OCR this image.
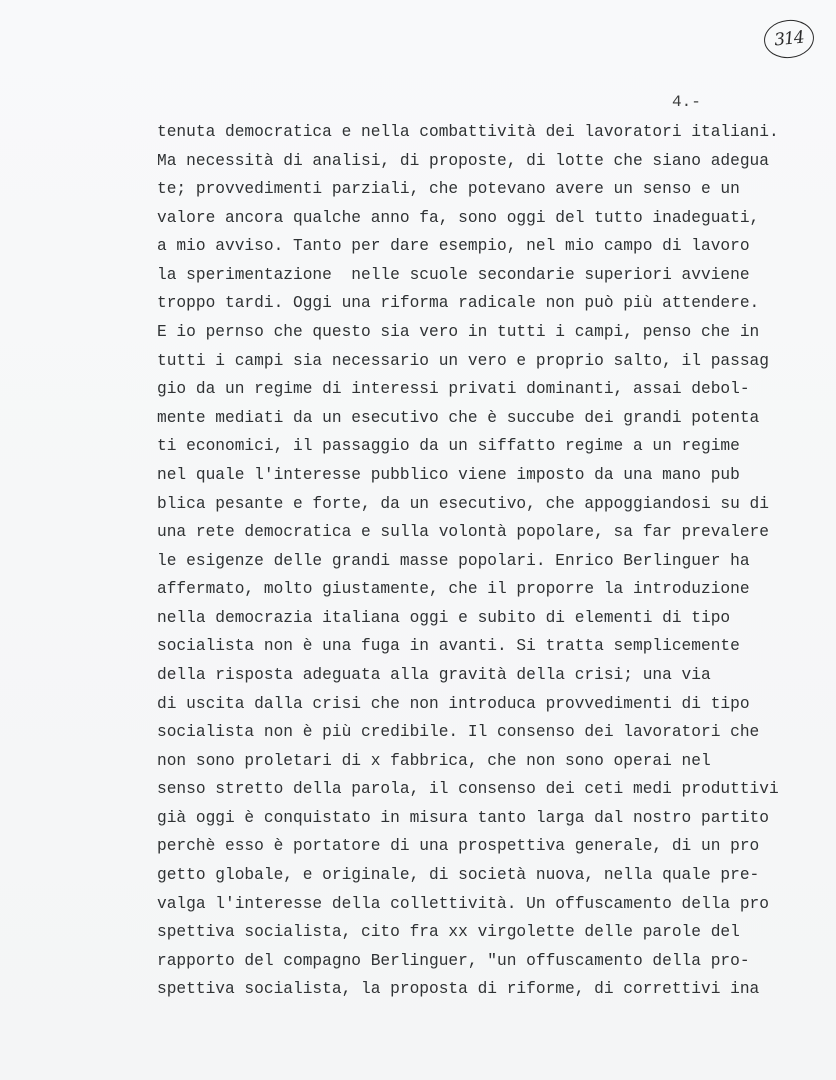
314
4.-
tenuta democratica e nella combattività dei lavoratori italiani.
Ma necessità di analisi, di proposte, di lotte che siano adegua
te; provvedimenti parziali, che potevano avere un senso e un
valore ancora qualche anno fa, sono oggi del tutto inadeguati,
a mio avviso. Tanto per dare esempio, nel mio campo di lavoro
la sperimentazione  nelle scuole secondarie superiori avviene
troppo tardi. Oggi una riforma radicale non può più attendere.
E io pernso che questo sia vero in tutti i campi, penso che in
tutti i campi sia necessario un vero e proprio salto, il passag
gio da un regime di interessi privati dominanti, assai debol-
mente mediati da un esecutivo che è succube dei grandi potenta
ti economici, il passaggio da un siffatto regime a un regime
nel quale l'interesse pubblico viene imposto da una mano pub
blica pesante e forte, da un esecutivo, che appoggiandosi su di
una rete democratica e sulla volontà popolare, sa far prevalere
le esigenze delle grandi masse popolari. Enrico Berlinguer ha
affermato, molto giustamente, che il proporre la introduzione
nella democrazia italiana oggi e subito di elementi di tipo
socialista non è una fuga in avanti. Si tratta semplicemente
della risposta adeguata alla gravità della crisi; una via
di uscita dalla crisi che non introduca provvedimenti di tipo
socialista non è più credibile. Il consenso dei lavoratori che
non sono proletari di x fabbrica, che non sono operai nel
senso stretto della parola, il consenso dei ceti medi produttivi
già oggi è conquistato in misura tanto larga dal nostro partito
perchè esso è portatore di una prospettiva generale, di un pro
getto globale, e originale, di società nuova, nella quale pre-
valga l'interesse della collettività. Un offuscamento della pro
spettiva socialista, cito fra xx virgolette delle parole del
rapporto del compagno Berlinguer, "un offuscamento della pro-
spettiva socialista, la proposta di riforme, di correttivi ina
